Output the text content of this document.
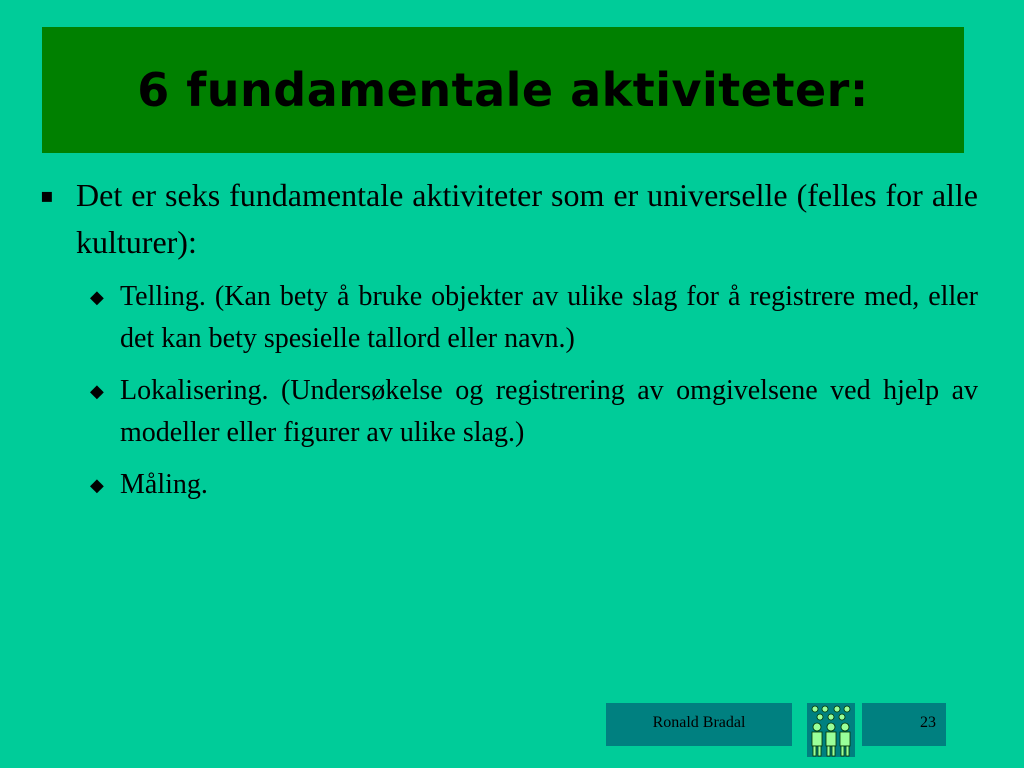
6 fundamentale aktiviteter:
▪ Det er seks fundamentale aktiviteter som er universelle (felles for alle kulturer):
◆ Telling. (Kan bety å bruke objekter av ulike slag for å registrere med, eller det kan bety spesielle tallord eller navn.)
◆ Lokalisering. (Undersøkelse og registrering av omgivelsene ved hjelp av modeller eller figurer av ulike slag.)
◆ Måling.
Ronald Bradal	23
